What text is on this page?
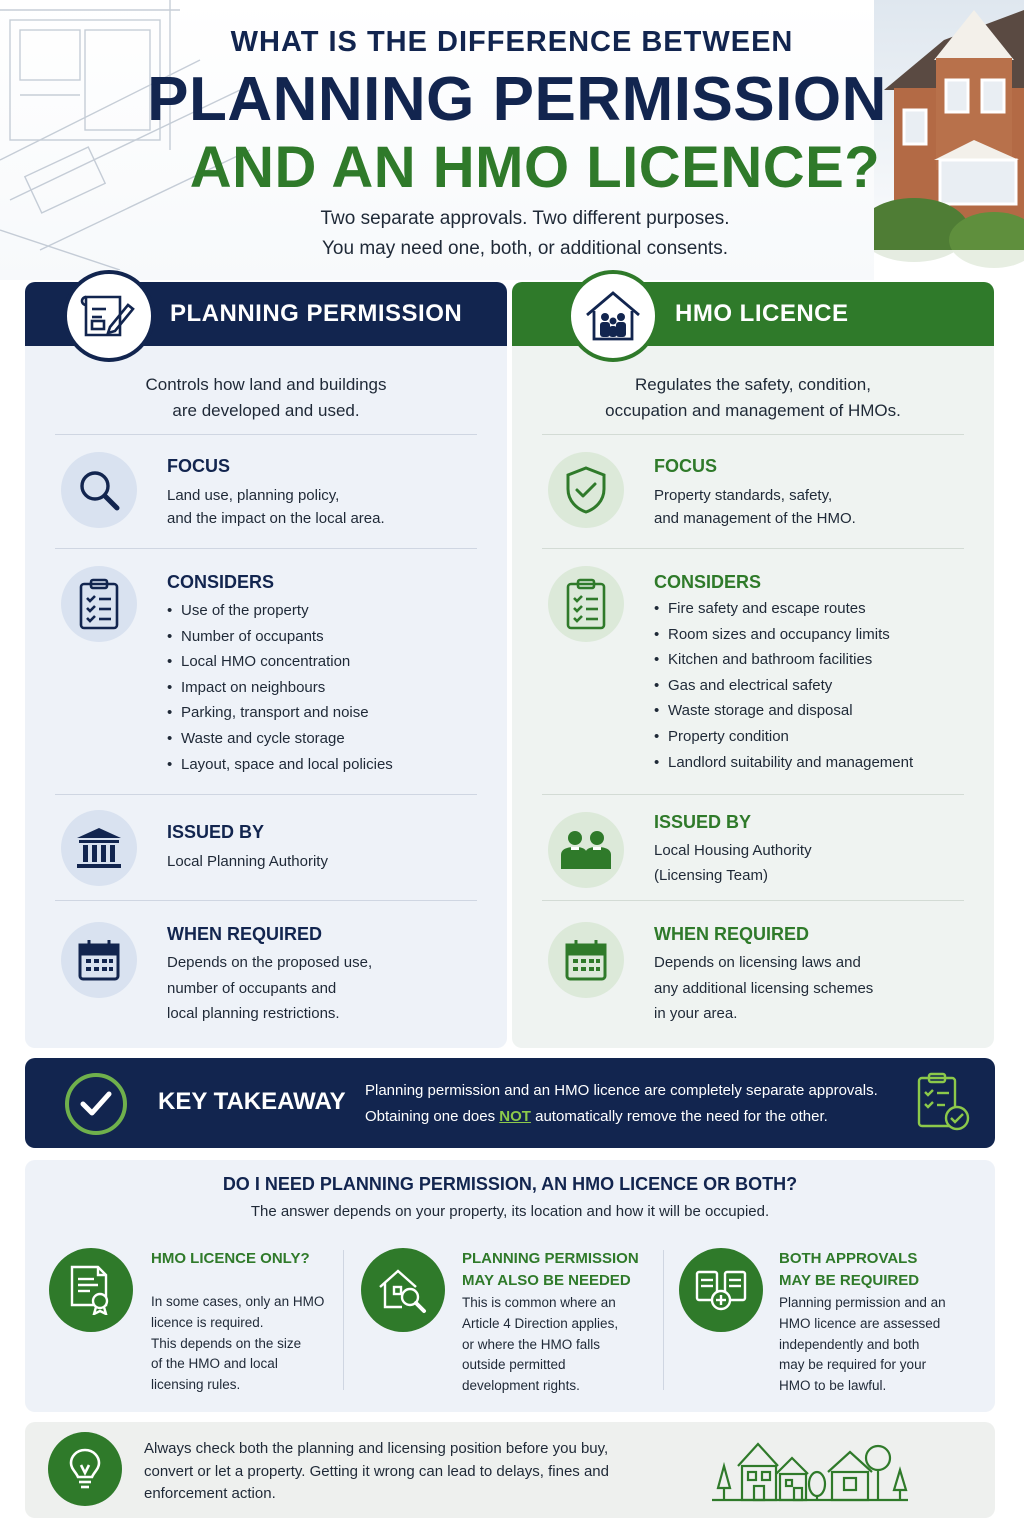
WHAT IS THE DIFFERENCE BETWEEN
PLANNING PERMISSION
AND AN HMO LICENCE?
Two separate approvals. Two different purposes.
You may need one, both, or additional consents.
PLANNING PERMISSION
Controls how land and buildings
are developed and used.
FOCUS
Land use, planning policy,
and the impact on the local area.
CONSIDERS
• Use of the property
• Number of occupants
• Local HMO concentration
• Impact on neighbours
• Parking, transport and noise
• Waste and cycle storage
• Layout, space and local policies
ISSUED BY
Local Planning Authority
WHEN REQUIRED
Depends on the proposed use,
number of occupants and
local planning restrictions.
HMO LICENCE
Regulates the safety, condition,
occupation and management of HMOs.
FOCUS
Property standards, safety,
and management of the HMO.
CONSIDERS
• Fire safety and escape routes
• Room sizes and occupancy limits
• Kitchen and bathroom facilities
• Gas and electrical safety
• Waste storage and disposal
• Property condition
• Landlord suitability and management
ISSUED BY
Local Housing Authority
(Licensing Team)
WHEN REQUIRED
Depends on licensing laws and
any additional licensing schemes
in your area.
KEY TAKEAWAY Planning permission and an HMO licence are completely separate approvals.
Obtaining one does NOT automatically remove the need for the other.
DO I NEED PLANNING PERMISSION, AN HMO LICENCE OR BOTH?
The answer depends on your property, its location and how it will be occupied.
HMO LICENCE ONLY?
In some cases, only an HMO
licence is required.
This depends on the size
of the HMO and local
licensing rules.
PLANNING PERMISSION
MAY ALSO BE NEEDED
This is common where an
Article 4 Direction applies,
or where the HMO falls
outside permitted
development rights.
BOTH APPROVALS
MAY BE REQUIRED
Planning permission and an
HMO licence are assessed
independently and both
may be required for your
HMO to be lawful.
Always check both the planning and licensing position before you buy,
convert or let a property. Getting it wrong can lead to delays, fines and
enforcement action.
